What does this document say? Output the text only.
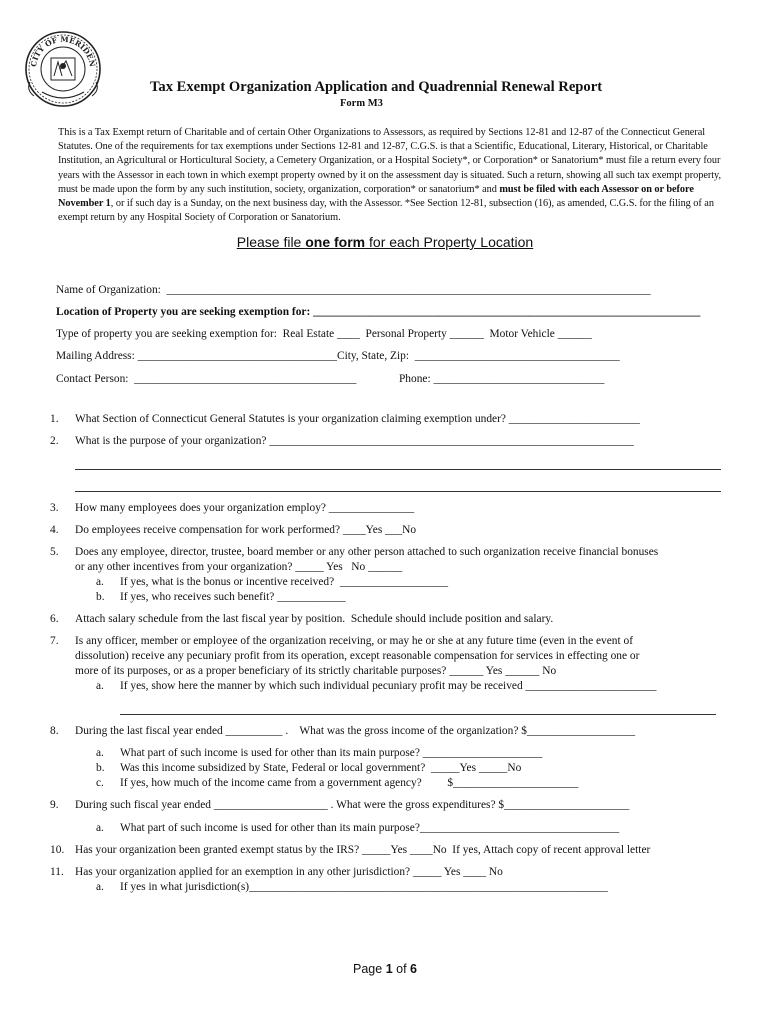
CITY OF MERIDEN
Tax Exempt Organization Application and Quadrennial Renewal Report
Form M3
This is a Tax Exempt return of Charitable and of certain Other Organizations to Assessors, as required by Sections 12-81 and 12-87 of the Connecticut General Statutes. One of the requirements for tax exemptions under Sections 12-81 and 12-87, C.G.S. is that a Scientific, Educational, Literary, Historical, or Charitable Institution, an Agricultural or Horticultural Society, a Cemetery Organization, or a Hospital Society*, or Corporation* or Sanatorium* must file a return every four years with the Assessor in each town in which exempt property owned by it on the assessment day is situated. Such a return, showing all such tax exempt property, must be made upon the form by any such institution, society, organization, corporation* or sanatorium* and must be filed with each Assessor on or before November 1, or if such day is a Sunday, on the next business day, with the Assessor. *See Section 12-81, subsection (16), as amended, C.G.S. for the filing of an exempt return by any Hospital Society of Corporation or Sanatorium.
Please file one form for each Property Location
Name of Organization:  _____________________________________________________________________________________
Location of Property you are seeking exemption for: ____________________________________________________________________
Type of property you are seeking exemption for:  Real Estate ____  Personal Property ______  Motor Vehicle ______
Mailing Address: ___________________________________City, State, Zip:  ____________________________________
Contact Person:  _______________________________________               Phone: ______________________________
1.	What Section of Connecticut General Statutes is your organization claiming exemption under? _______________________
2.	What is the purpose of your organization? ________________________________________________________________
3.	How many employees does your organization employ? _______________
4.	Do employees receive compensation for work performed? ____Yes ___No
5.	Does any employee, director, trustee, board member or any other person attached to such organization receive financial bonuses
or any other incentives from your organization? _____ Yes   No ______
a. If yes, what is the bonus or incentive received?  ___________________
b. If yes, who receives such benefit? ____________
6.	Attach salary schedule from the last fiscal year by position.  Schedule should include position and salary.
7.	Is any officer, member or employee of the organization receiving, or may he or she at any future time (even in the event of
dissolution) receive any pecuniary profit from its operation, except reasonable compensation for services in effecting one or
more of its purposes, or as a proper beneficiary of its strictly charitable purposes? ______ Yes ______ No
a. If yes, show here the manner by which such individual pecuniary profit may be received _______________________
8.	During the last fiscal year ended __________ .    What was the gross income of the organization? $___________________
a. What part of such income is used for other than its main purpose? _____________________
b. Was this income subsidized by State, Federal or local government?  _____Yes _____No
c. If yes, how much of the income came from a government agency?         $______________________
9.	During such fiscal year ended ____________________ . What were the gross expenditures? $______________________
a. What part of such income is used for other than its main purpose?___________________________________
10. Has your organization been granted exempt status by the IRS? _____Yes ____No  If yes, Attach copy of recent approval letter
11. Has your organization applied for an exemption in any other jurisdiction? _____ Yes ____ No
a. If yes in what jurisdiction(s)_______________________________________________________________
Page 1 of 6
